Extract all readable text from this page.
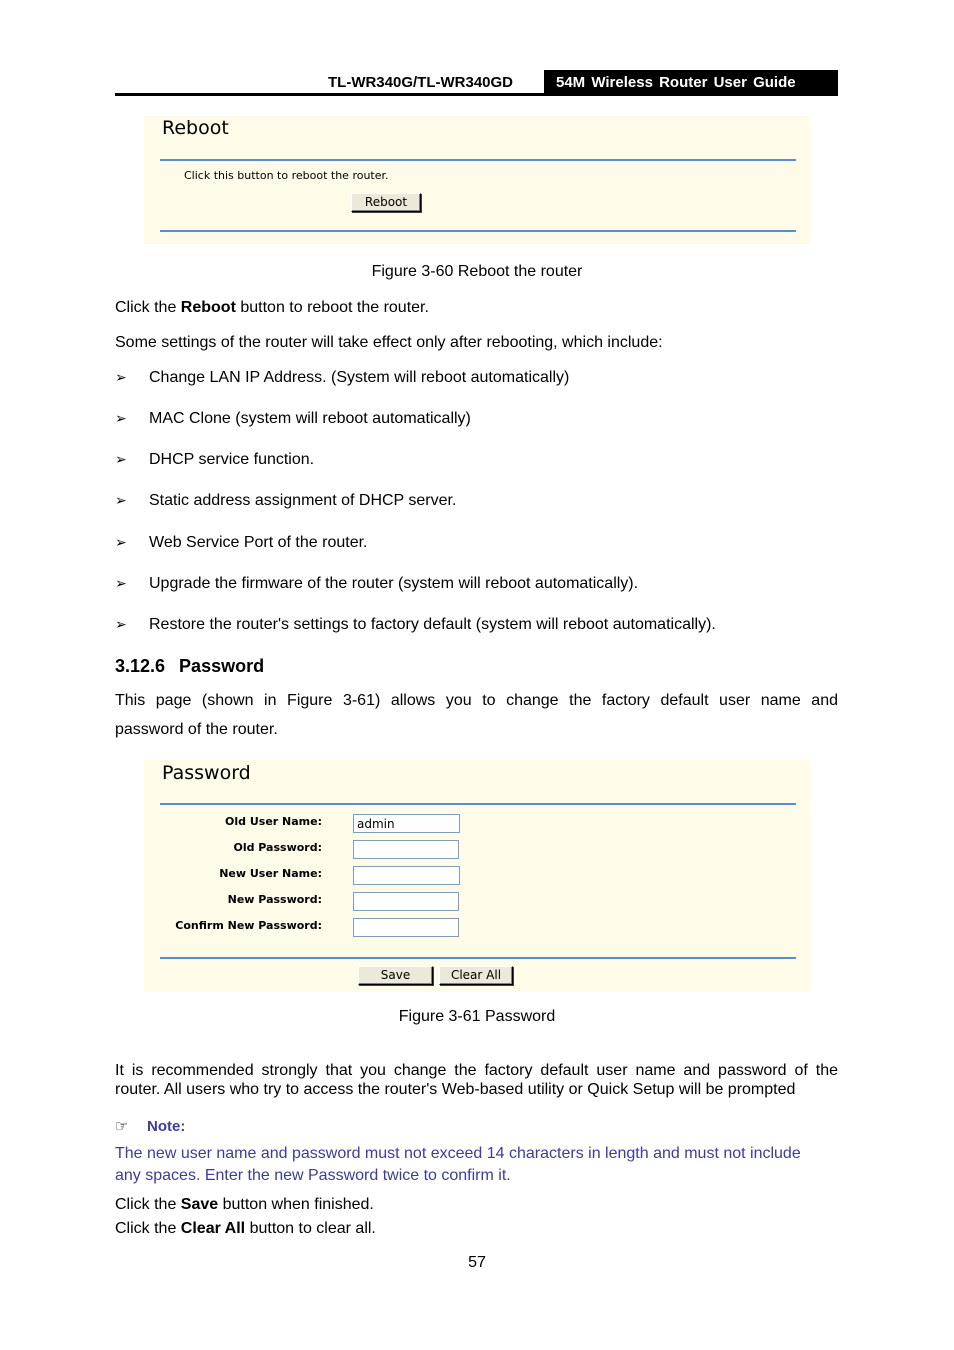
TL-WR340G/TL-WR340GD	54M Wireless Router User Guide
Reboot
Click this button to reboot the router.
Reboot
Figure 3-60 Reboot the router
Click the Reboot button to reboot the router.
Some settings of the router will take effect only after rebooting, which include:
➢ Change LAN IP Address. (System will reboot automatically)
➢ MAC Clone (system will reboot automatically)
➢ DHCP service function.
➢ Static address assignment of DHCP server.
➢ Web Service Port of the router.
➢ Upgrade the firmware of the router (system will reboot automatically).
➢ Restore the router's settings to factory default (system will reboot automatically).
3.12.6 Password
This page (shown in Figure 3-61) allows you to change the factory default user name and
password of the router.
Password
Old User Name:
admin
Old Password:
New User Name:
New Password:
Confirm New Password:
Save	Clear All
Figure 3-61 Password
It is recommended strongly that you change the factory default user name and password of the
router. All users who try to access the router's Web-based utility or Quick Setup will be prompted
☞ Note:
The new user name and password must not exceed 14 characters in length and must not include
any spaces. Enter the new Password twice to confirm it.
Click the Save button when finished.
Click the Clear All button to clear all.
57
